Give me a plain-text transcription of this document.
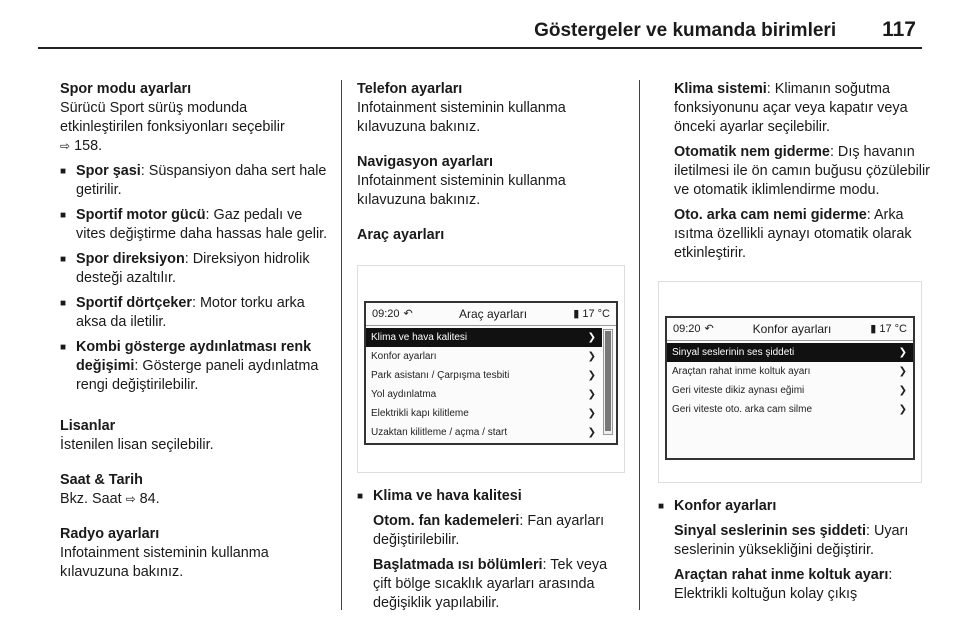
Göstergeler ve kumanda birimleri 117
Spor modu ayarları
Sürücü Sport sürüş modunda etkinleştirilen fonksiyonları seçebilir
⇨ 158.
■ Spor şasi: Süspansiyon daha sert hale getirilir.
■ Sportif motor gücü: Gaz pedalı ve vites değiştirme daha hassas hale gelir.
■ Spor direksiyon: Direksiyon hidrolik desteği azaltılır.
■ Sportif dörtçeker: Motor torku arka aksa da iletilir.
■ Kombi gösterge aydınlatması renk değişimi: Gösterge paneli aydınlatma rengi değiştirilebilir.
Lisanlar
İstenilen lisan seçilebilir.
Saat & Tarih
Bkz. Saat ⇨ 84.
Radyo ayarları
Infotainment sisteminin kullanma kılavuzuna bakınız.
Telefon ayarları
Infotainment sisteminin kullanma kılavuzuna bakınız.
Navigasyon ayarları
Infotainment sisteminin kullanma kılavuzuna bakınız.
Araç ayarları
09:20 ↶	Araç ayarları	▮ 17 °C
Klima ve hava kalitesi	❯
Konfor ayarları	❯
Park asistanı / Çarpışma tesbiti	❯
Yol aydınlatma	❯
Elektrikli kapı kilitleme	❯
Uzaktan kilitleme / açma / start	❯
■ Klima ve hava kalitesi
Otom. fan kademeleri: Fan ayarları değiştirilebilir.
Başlatmada ısı bölümleri: Tek veya çift bölge sıcaklık ayarları arasında değişiklik yapılabilir.
Klima sistemi: Klimanın soğutma fonksiyonunu açar veya kapatır veya önceki ayarlar seçilebilir.
Otomatik nem giderme: Dış havanın iletilmesi ile ön camın buğusu çözülebilir ve otomatik iklimlendirme modu.
Oto. arka cam nemi giderme: Arka ısıtma özellikli aynayı otomatik olarak etkinleştirir.
09:20 ↶	Konfor ayarları	▮ 17 °C
Sinyal seslerinin ses şiddeti	❯
Araçtan rahat inme koltuk ayarı	❯
Geri viteste dikiz aynası eğimi	❯
Geri viteste oto. arka cam silme	❯
■ Konfor ayarları
Sinyal seslerinin ses şiddeti: Uyarı seslerinin yüksekliğini değiştirir.
Araçtan rahat inme koltuk ayarı:
Elektrikli koltuğun kolay çıkış
